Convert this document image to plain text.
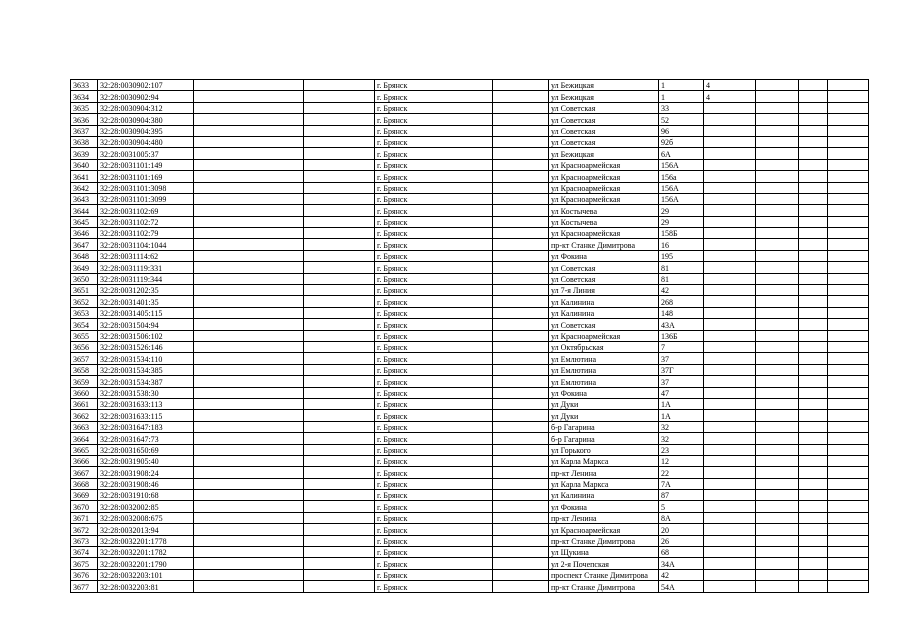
3633	32:28:0030902:107			г. Брянск		ул Бежицкая	1	4			
3634	32:28:0030902:94			г. Брянск		ул Бежицкая	1	4			
3635	32:28:0030904:312			г. Брянск		ул Советская	33				
3636	32:28:0030904:380			г. Брянск		ул Советская	52				
3637	32:28:0030904:395			г. Брянск		ул Советская	96				
3638	32:28:0030904:480			г. Брянск		ул Советская	92б				
3639	32:28:0031005:37			г. Брянск		ул Бежицкая	6А				
3640	32:28:0031101:149			г. Брянск		ул Красноармейская	156А				
3641	32:28:0031101:169			г. Брянск		ул Красноармейская	156а				
3642	32:28:0031101:3098			г. Брянск		ул Красноармейская	156А				
3643	32:28:0031101:3099			г. Брянск		ул Красноармейская	156А				
3644	32:28:0031102:69			г. Брянск		ул Костычева	29				
3645	32:28:0031102:72			г. Брянск		ул Костычева	29				
3646	32:28:0031102:79			г. Брянск		ул Красноармейская	158Б				
3647	32:28:0031104:1044			г. Брянск		пр-кт Станке Димитрова	16				
3648	32:28:0031114:62			г. Брянск		ул Фокина	195				
3649	32:28:0031119:331			г. Брянск		ул Советская	81				
3650	32:28:0031119:344			г. Брянск		ул Советская	81				
3651	32:28:0031202:35			г. Брянск		ул 7-я Линия	42				
3652	32:28:0031401:35			г. Брянск		ул Калинина	268				
3653	32:28:0031405:115			г. Брянск		ул Калинина	148				
3654	32:28:0031504:94			г. Брянск		ул Советская	43А				
3655	32:28:0031506:102			г. Брянск		ул Красноармейская	136Б				
3656	32:28:0031526:146			г. Брянск		ул Октябрьская	7				
3657	32:28:0031534:110			г. Брянск		ул Емлютина	37				
3658	32:28:0031534:385			г. Брянск		ул Емлютина	37Г				
3659	32:28:0031534:387			г. Брянск		ул Емлютина	37				
3660	32:28:0031538:30			г. Брянск		ул Фокина	47				
3661	32:28:0031633:113			г. Брянск		ул Дуки	1А				
3662	32:28:0031633:115			г. Брянск		ул Дуки	1А				
3663	32:28:0031647:183			г. Брянск		б-р Гагарина	32				
3664	32:28:0031647:73			г. Брянск		б-р Гагарина	32				
3665	32:28:0031650:69			г. Брянск		ул Горького	23				
3666	32:28:0031905:40			г. Брянск		ул Карла Маркса	12				
3667	32:28:0031908:24			г. Брянск		пр-кт Ленина	22				
3668	32:28:0031908:46			г. Брянск		ул Карла Маркса	7А				
3669	32:28:0031910:68			г. Брянск		ул Калинина	87				
3670	32:28:0032002:85			г. Брянск		ул Фокина	5				
3671	32:28:0032008:675			г. Брянск		пр-кт Ленина	8А				
3672	32:28:0032013:94			г. Брянск		ул Красноармейская	20				
3673	32:28:0032201:1778			г. Брянск		пр-кт Станке Димитрова	26				
3674	32:28:0032201:1782			г. Брянск		ул Щукина	68				
3675	32:28:0032201:1790			г. Брянск		ул 2-я Почепская	34А				
3676	32:28:0032203:101			г. Брянск		проспект Станке Димитрова	42				
3677	32:28:0032203:81			г. Брянск		пр-кт Станке Димитрова	54А				
